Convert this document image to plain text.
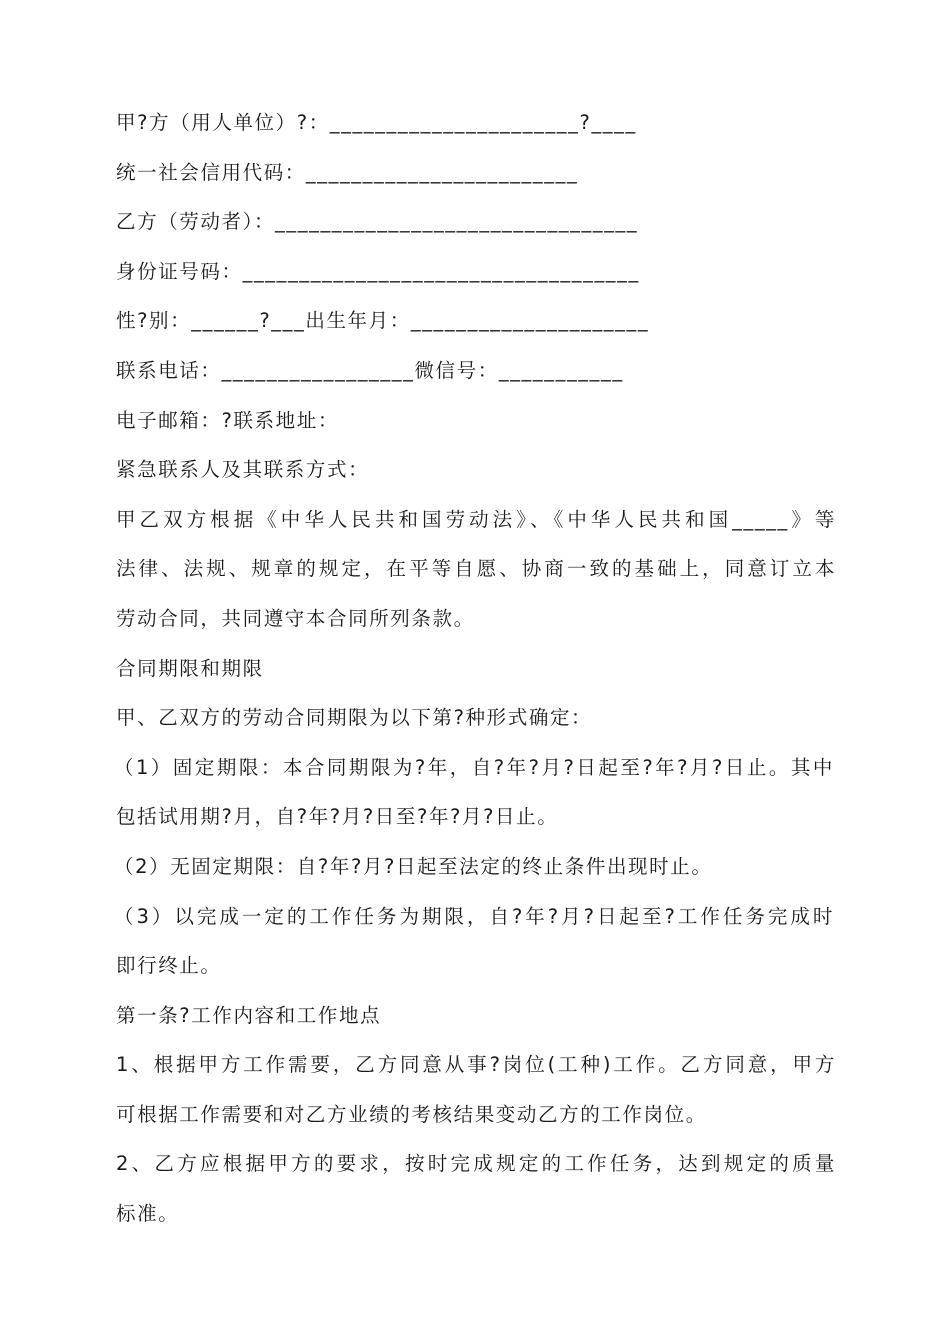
甲?方（用人单位）?：______________________?____
统一社会信用代码：________________________
乙方（劳动者）：________________________________
身份证号码：___________________________________
性?别：______?___出生年月：_____________________
联系电话：_________________微信号：___________
电子邮箱：?联系地址：
紧急联系人及其联系方式：
甲乙双方根据《中华人民共和国劳动法》、《中华人民共和国_____》等
法律、法规、规章的规定，在平等自愿、协商一致的基础上，同意订立本
劳动合同，共同遵守本合同所列条款。
合同期限和期限
甲、乙双方的劳动合同期限为以下第?种形式确定：
（1）固定期限：本合同期限为?年，自?年?月?日起至?年?月?日止。其中
包括试用期?月，自?年?月?日至?年?月?日止。
（2）无固定期限：自?年?月?日起至法定的终止条件出现时止。
（3）以完成一定的工作任务为期限，自?年?月?日起至?工作任务完成时
即行终止。
第一条?工作内容和工作地点
1、根据甲方工作需要，乙方同意从事?岗位(工种)工作。乙方同意，甲方
可根据工作需要和对乙方业绩的考核结果变动乙方的工作岗位。
2、乙方应根据甲方的要求，按时完成规定的工作任务，达到规定的质量
标准。
